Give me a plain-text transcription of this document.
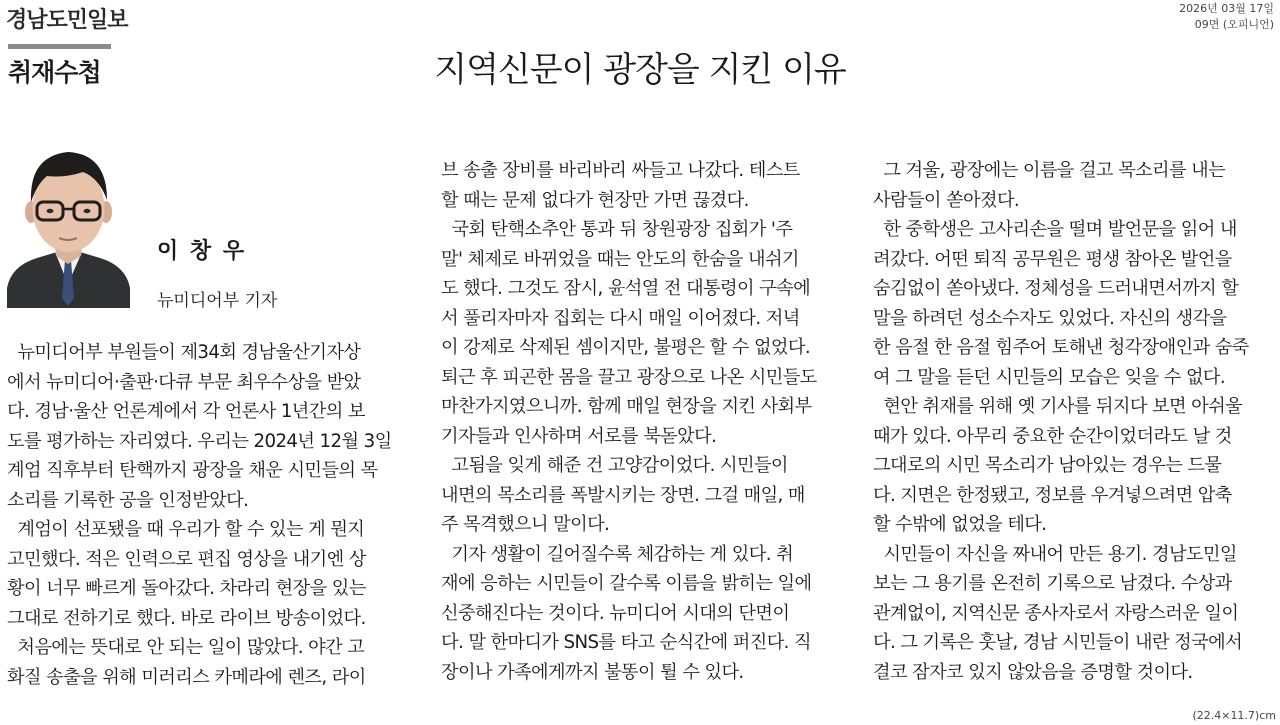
경남도민일보	2026년 03월 17일
09면 (오피니언)
취재수첩	지역신문이 광장을 지킨 이유
이 창 우
뉴미디어부 기자

뉴미디어부 부원들이 제34회 경남울산기자상

에서 뉴미디어·출판·다큐 부문 최우수상을 받았

다. 경남·울산 언론계에서 각 언론사 1년간의 보

도를 평가하는 자리였다. 우리는 2024년 12월 3일

계엄 직후부터 탄핵까지 광장을 채운 시민들의 목

소리를 기록한 공을 인정받았다.

계엄이 선포됐을 때 우리가 할 수 있는 게 뭔지

고민했다. 적은 인력으로 편집 영상을 내기엔 상

황이 너무 빠르게 돌아갔다. 차라리 현장을 있는

그대로 전하기로 했다. 바로 라이브 방송이었다.

처음에는 뜻대로 안 되는 일이 많았다. 야간 고

화질 송출을 위해 미러리스 카메라에 렌즈, 라이

브 송출 장비를 바리바리 싸들고 나갔다. 테스트

할 때는 문제 없다가 현장만 가면 끊겼다.

국회 탄핵소추안 통과 뒤 창원광장 집회가 '주

말' 체제로 바뀌었을 때는 안도의 한숨을 내쉬기

도 했다. 그것도 잠시, 윤석열 전 대통령이 구속에

서 풀리자마자 집회는 다시 매일 이어졌다. 저녁

이 강제로 삭제된 셈이지만, 불평은 할 수 없었다.

퇴근 후 피곤한 몸을 끌고 광장으로 나온 시민들도

마찬가지였으니까. 함께 매일 현장을 지킨 사회부

기자들과 인사하며 서로를 북돋았다.

고됨을 잊게 해준 건 고양감이었다. 시민들이

내면의 목소리를 폭발시키는 장면. 그걸 매일, 매

주 목격했으니 말이다.

기자 생활이 길어질수록 체감하는 게 있다. 취

재에 응하는 시민들이 갈수록 이름을 밝히는 일에

신중해진다는 것이다. 뉴미디어 시대의 단면이

다. 말 한마디가 SNS를 타고 순식간에 퍼진다. 직

장이나 가족에게까지 불똥이 튈 수 있다.

그 겨울, 광장에는 이름을 걸고 목소리를 내는

사람들이 쏟아졌다.

한 중학생은 고사리손을 떨며 발언문을 읽어 내

려갔다. 어떤 퇴직 공무원은 평생 참아온 발언을

숨김없이 쏟아냈다. 정체성을 드러내면서까지 할

말을 하려던 성소수자도 있었다. 자신의 생각을

한 음절 한 음절 힘주어 토해낸 청각장애인과 숨죽

여 그 말을 듣던 시민들의 모습은 잊을 수 없다.

현안 취재를 위해 옛 기사를 뒤지다 보면 아쉬울

때가 있다. 아무리 중요한 순간이었더라도 날 것

그대로의 시민 목소리가 남아있는 경우는 드물

다. 지면은 한정됐고, 정보를 우겨넣으려면 압축

할 수밖에 없었을 테다.

시민들이 자신을 짜내어 만든 용기. 경남도민일

보는 그 용기를 온전히 기록으로 남겼다. 수상과

관계없이, 지역신문 종사자로서 자랑스러운 일이

다. 그 기록은 훗날, 경남 시민들이 내란 정국에서

결코 잠자코 있지 않았음을 증명할 것이다.

(22.4×11.7)cm
